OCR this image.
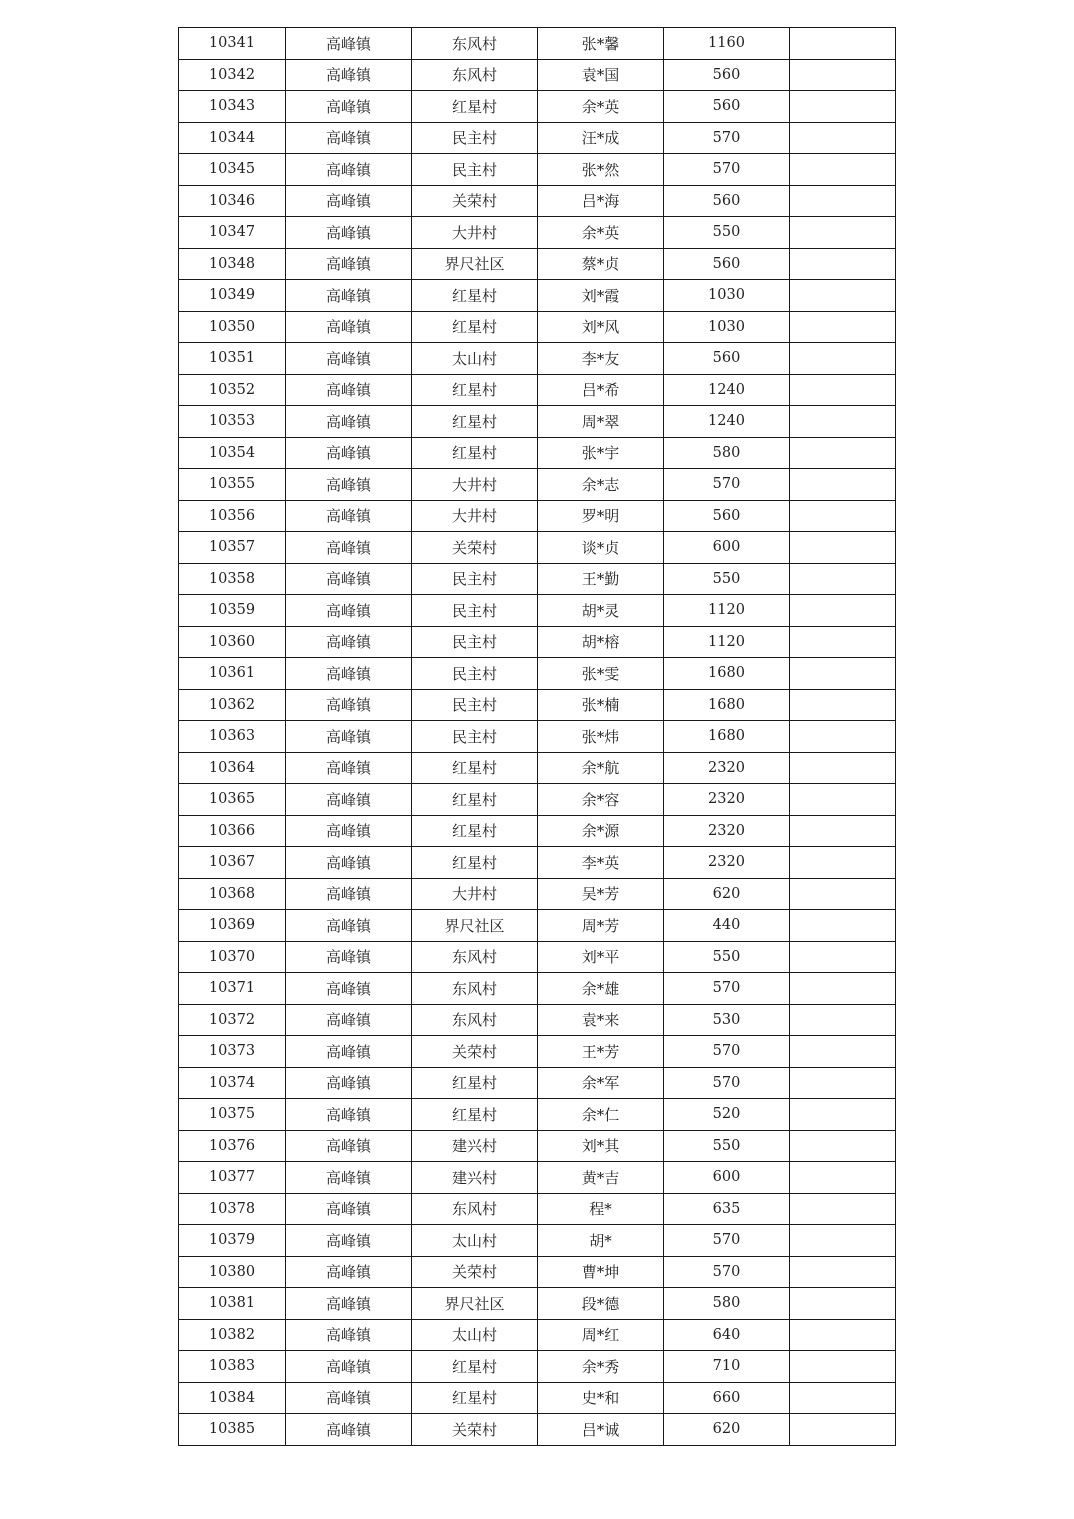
10341	高峰镇	东风村	张*馨	1160	
10342	高峰镇	东风村	袁*国	560	
10343	高峰镇	红星村	余*英	560	
10344	高峰镇	民主村	汪*成	570	
10345	高峰镇	民主村	张*然	570	
10346	高峰镇	关荣村	吕*海	560	
10347	高峰镇	大井村	余*英	550	
10348	高峰镇	界尺社区	蔡*贞	560	
10349	高峰镇	红星村	刘*霞	1030	
10350	高峰镇	红星村	刘*风	1030	
10351	高峰镇	太山村	李*友	560	
10352	高峰镇	红星村	吕*希	1240	
10353	高峰镇	红星村	周*翠	1240	
10354	高峰镇	红星村	张*宇	580	
10355	高峰镇	大井村	余*志	570	
10356	高峰镇	大井村	罗*明	560	
10357	高峰镇	关荣村	谈*贞	600	
10358	高峰镇	民主村	王*勤	550	
10359	高峰镇	民主村	胡*灵	1120	
10360	高峰镇	民主村	胡*榕	1120	
10361	高峰镇	民主村	张*雯	1680	
10362	高峰镇	民主村	张*楠	1680	
10363	高峰镇	民主村	张*炜	1680	
10364	高峰镇	红星村	余*航	2320	
10365	高峰镇	红星村	余*容	2320	
10366	高峰镇	红星村	余*源	2320	
10367	高峰镇	红星村	李*英	2320	
10368	高峰镇	大井村	吴*芳	620	
10369	高峰镇	界尺社区	周*芳	440	
10370	高峰镇	东风村	刘*平	550	
10371	高峰镇	东风村	余*雄	570	
10372	高峰镇	东风村	袁*来	530	
10373	高峰镇	关荣村	王*芳	570	
10374	高峰镇	红星村	余*军	570	
10375	高峰镇	红星村	余*仁	520	
10376	高峰镇	建兴村	刘*其	550	
10377	高峰镇	建兴村	黄*吉	600	
10378	高峰镇	东风村	程*	635	
10379	高峰镇	太山村	胡*	570	
10380	高峰镇	关荣村	曹*坤	570	
10381	高峰镇	界尺社区	段*德	580	
10382	高峰镇	太山村	周*红	640	
10383	高峰镇	红星村	余*秀	710	
10384	高峰镇	红星村	史*和	660	
10385	高峰镇	关荣村	吕*诚	620	
